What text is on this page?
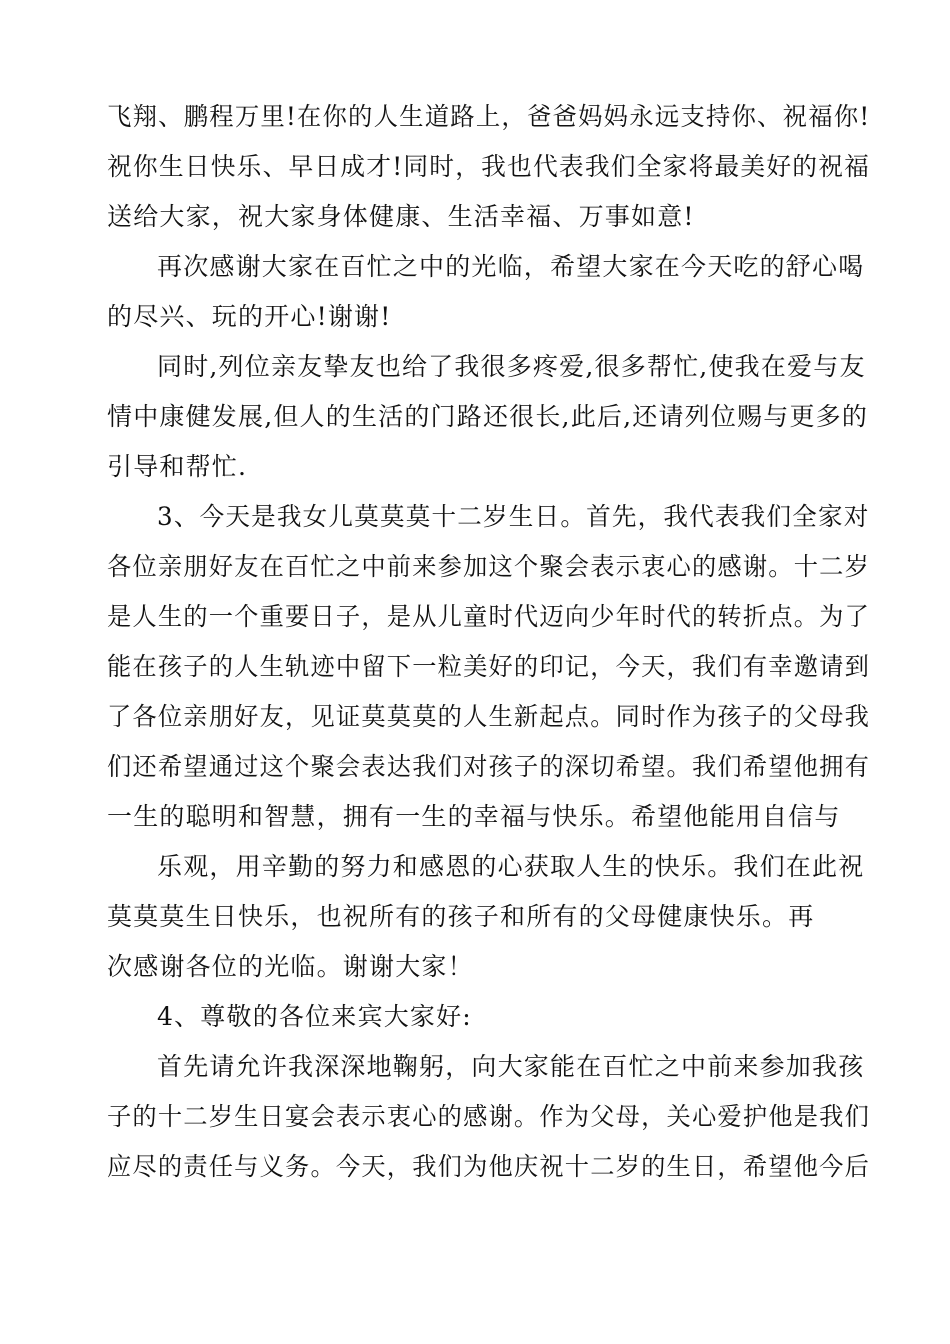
飞翔、鹏程万里!在你的人生道路上，爸爸妈妈永远支持你、祝福你!
祝你生日快乐、早日成才!同时，我也代表我们全家将最美好的祝福
送给大家，祝大家身体健康、生活幸福、万事如意!
再次感谢大家在百忙之中的光临，希望大家在今天吃的舒心喝
的尽兴、玩的开心!谢谢!
同时,列位亲友挚友也给了我很多疼爱,很多帮忙,使我在爱与友
情中康健发展,但人的生活的门路还很长,此后,还请列位赐与更多的
引导和帮忙.
3、今天是我女儿莫莫莫十二岁生日。首先，我代表我们全家对
各位亲朋好友在百忙之中前来参加这个聚会表示衷心的感谢。十二岁
是人生的一个重要日子，是从儿童时代迈向少年时代的转折点。为了
能在孩子的人生轨迹中留下一粒美好的印记，今天，我们有幸邀请到
了各位亲朋好友，见证莫莫莫的人生新起点。同时作为孩子的父母我
们还希望通过这个聚会表达我们对孩子的深切希望。我们希望他拥有
一生的聪明和智慧，拥有一生的幸福与快乐。希望他能用自信与
乐观，用辛勤的努力和感恩的心获取人生的快乐。我们在此祝
莫莫莫生日快乐，也祝所有的孩子和所有的父母健康快乐。再
次感谢各位的光临。谢谢大家！
4、尊敬的各位来宾大家好:
首先请允许我深深地鞠躬，向大家能在百忙之中前来参加我孩
子的十二岁生日宴会表示衷心的感谢。作为父母，关心爱护他是我们
应尽的责任与义务。今天，我们为他庆祝十二岁的生日，希望他今后
